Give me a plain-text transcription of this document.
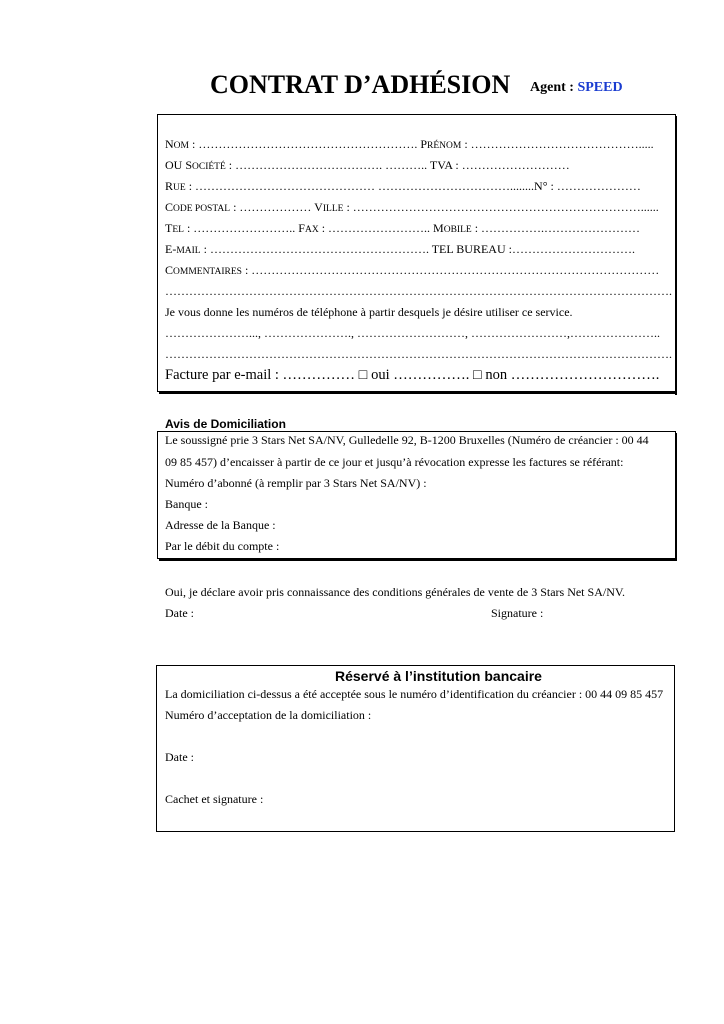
CONTRAT D’ADHÉSION Agent : SPEED
NOM : ………………………………………………. PRÉNOM : …………………………………….....
OU SOCIÉTÉ : ………………………………. ……….. TVA : ………………………
RUE : ……………………………………… ……………………………........N° : …………………
CODE POSTAL : ……………… VILLE : ………………………………………………………………......
TEL : …………………….. FAX : …………………….. MOBILE : …………….……………………
E-MAIL : ………………………………………………. TEL BUREAU :………………………….
COMMENTAIRES : …………………………………………………………………………………………
……………………………………………………………………………………………………………….
Je vous donne les numéros de téléphone à partir desquels je désire utiliser ce service.
…………………..., …………………., ………………………, ……………………,…………………..
……………………………………………………………………………………………………………….
Facture par e-mail : …………… □ oui ……………. □ non ………………………….
Avis de Domiciliation
Le soussigné prie 3 Stars Net SA/NV, Gulledelle 92, B-1200 Bruxelles (Numéro de créancier : 00 44
09 85 457) d’encaisser à partir de ce jour et jusqu’à révocation expresse les factures se référant:
Numéro d’abonné (à remplir par 3 Stars Net SA/NV) :
Banque :
Adresse de la Banque :
Par le débit du compte :
Oui, je déclare avoir pris connaissance des conditions générales de vente de 3 Stars Net SA/NV.
Date :	Signature :
Réservé à l’institution bancaire
La domiciliation ci-dessus a été acceptée sous le numéro d’identification du créancier : 00 44 09 85 457
Numéro d’acceptation de la domiciliation :
Date :
Cachet et signature :
